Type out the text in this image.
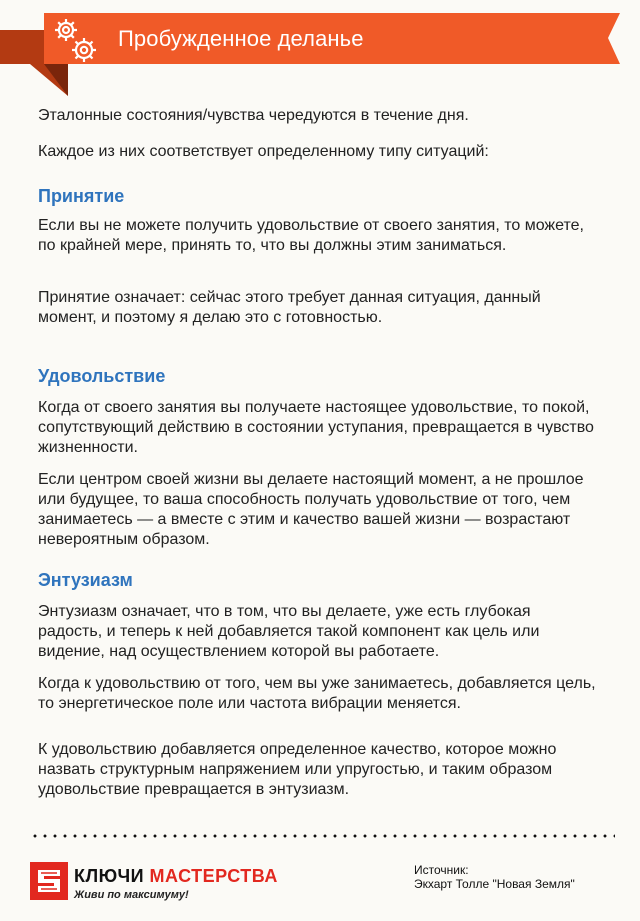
Пробужденное деланье

Эталонные состояния/чувства чередуются в течение дня.

Каждое из них соответствует определенному типу ситуаций:

Принятие

Если вы не можете получить удовольствие от своего занятия, то можете, по крайней мере, принять то, что вы должны этим заниматься.

Принятие означает: сейчас этого требует данная ситуация, данный момент, и поэтому я делаю это с готовностью.

Удовольствие

Когда от своего занятия вы получаете настоящее удовольствие, то покой, сопутствующий действию в состоянии уступания, превращается в чувство жизненности.

Если центром своей жизни вы делаете настоящий момент, а не прошлое или будущее, то ваша способность получать удовольствие от того, чем занимаетесь — а вместе с этим и качество вашей жизни — возрастают невероятным образом.

Энтузиазм

Энтузиазм означает, что в том, что вы делаете, уже есть глубокая радость, и теперь к ней добавляется такой компонент как цель или видение, над осуществлением которой вы работаете.

Когда к удовольствию от того, чем вы уже занимаетесь, добавляется цель, то энергетическое поле или частота вибрации меняется.

К удовольствию добавляется определенное качество, которое можно назвать структурным напряжением или упругостью, и таким образом удовольствие превращается в энтузиазм.

КЛЮЧИ МАСТЕРСТВА
Живи по максимуму!
Источник:
Экхарт Толле "Новая Земля"
